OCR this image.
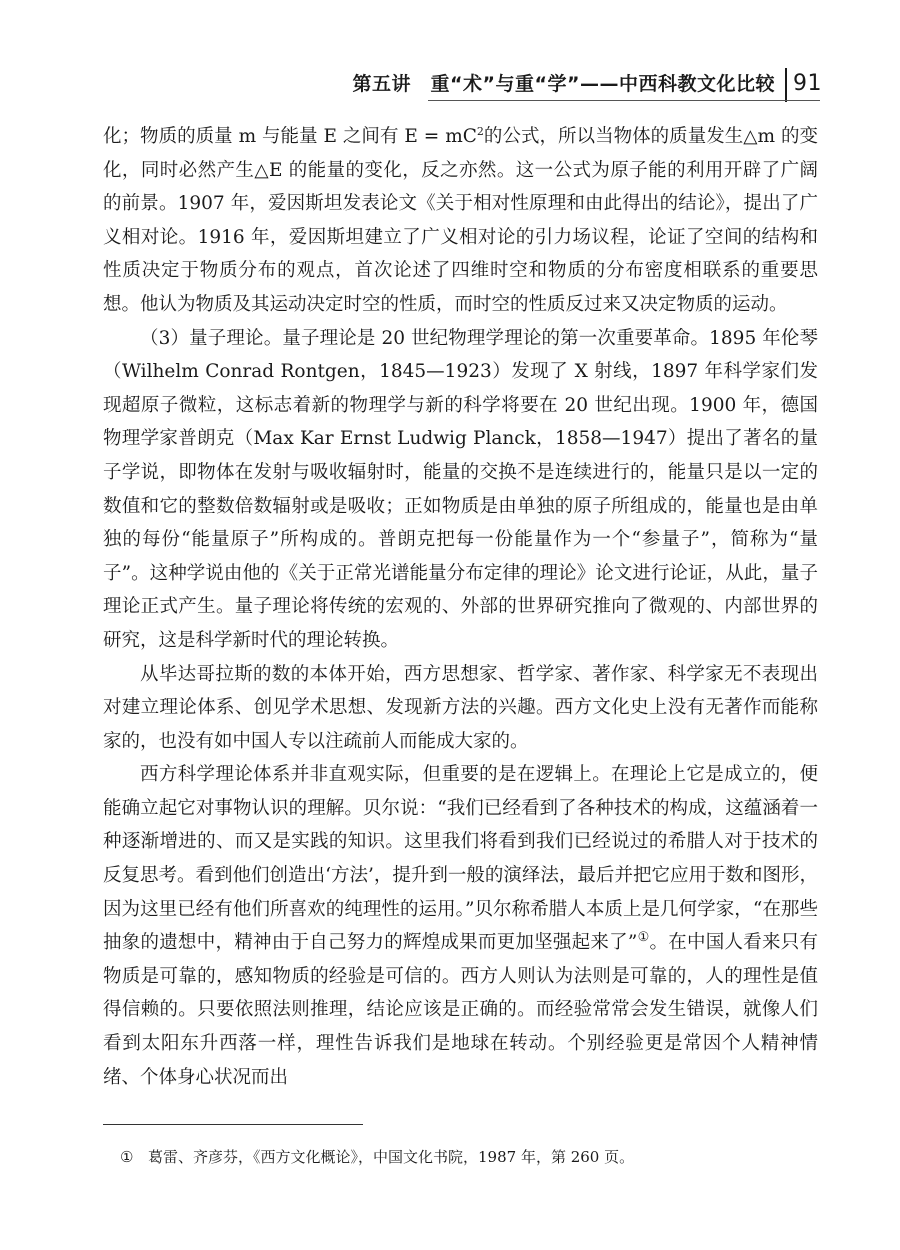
第五讲　重“术”与重“学”——中西科教文化比较 91

化；物质的质量 m 与能量 E 之间有 $E = mC^2$的公式，所以当物体的质量发生△m 的变化，同时必然产生△E 的能量的变化，反之亦然。这一公式为原子能的利用开辟了广阔的前景。1907 年，爱因斯坦发表论文《关于相对性原理和由此得出的结论》，提出了广义相对论。1916 年，爱因斯坦建立了广义相对论的引力场议程，论证了空间的结构和性质决定于物质分布的观点，首次论述了四维时空和物质的分布密度相联系的重要思想。他认为物质及其运动决定时空的性质，而时空的性质反过来又决定物质的运动。

（3）量子理论。量子理论是 20 世纪物理学理论的第一次重要革命。1895 年伦琴（Wilhelm Conrad Rontgen，1845—1923）发现了 X 射线，1897 年科学家们发现超原子微粒，这标志着新的物理学与新的科学将要在 20 世纪出现。1900 年，德国物理学家普朗克（Max Kar Ernst Ludwig Planck，1858—1947）提出了著名的量子学说，即物体在发射与吸收辐射时，能量的交换不是连续进行的，能量只是以一定的数值和它的整数倍数辐射或是吸收；正如物质是由单独的原子所组成的，能量也是由单独的每份“能量原子”所构成的。普朗克把每一份能量作为一个“参量子”，简称为“量子”。这种学说由他的《关于正常光谱能量分布定律的理论》论文进行论证，从此，量子理论正式产生。量子理论将传统的宏观的、外部的世界研究推向了微观的、内部世界的研究，这是科学新时代的理论转换。

从毕达哥拉斯的数的本体开始，西方思想家、哲学家、著作家、科学家无不表现出对建立理论体系、创见学术思想、发现新方法的兴趣。西方文化史上没有无著作而能称家的，也没有如中国人专以注疏前人而能成大家的。

西方科学理论体系并非直观实际，但重要的是在逻辑上。在理论上它是成立的，便能确立起它对事物认识的理解。贝尔说：“我们已经看到了各种技术的构成，这蕴涵着一种逐渐增进的、而又是实践的知识。这里我们将看到我们已经说过的希腊人对于技术的反复思考。看到他们创造出‘方法’，提升到一般的演绎法，最后并把它应用于数和图形，因为这里已经有他们所喜欢的纯理性的运用。”贝尔称希腊人本质上是几何学家，“在那些抽象的遗想中，精神由于自己努力的辉煌成果而更加坚强起来了”①。在中国人看来只有物质是可靠的，感知物质的经验是可信的。西方人则认为法则是可靠的，人的理性是值得信赖的。只要依照法则推理，结论应该是正确的。而经验常常会发生错误，就像人们看到太阳东升西落一样，理性告诉我们是地球在转动。个别经验更是常因个人精神情绪、个体身心状况而出

① 葛雷、齐彦芬，《西方文化概论》，中国文化书院，1987 年，第 260 页。
